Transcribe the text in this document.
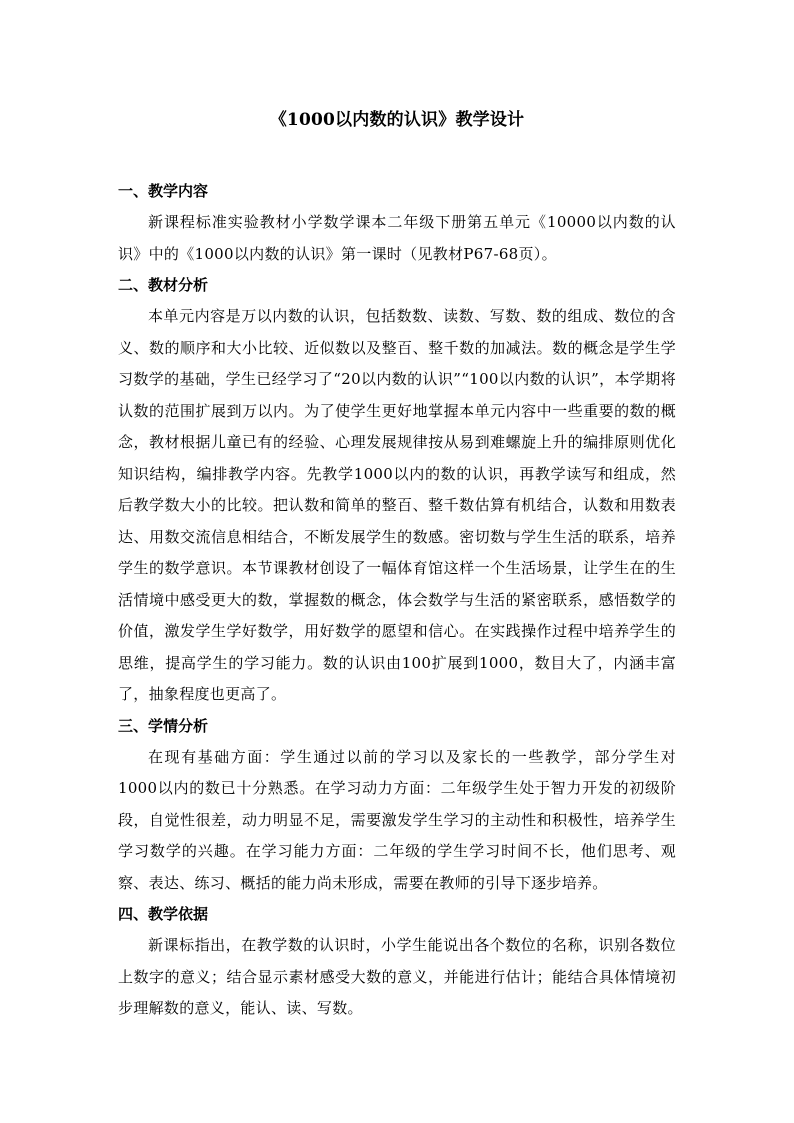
《1000以内数的认识》教学设计
一、教学内容

新课程标准实验教材小学数学课本二年级下册第五单元《10000以内数的认识》中的《1000以内数的认识》第一课时（见教材P67-68页）。

二、教材分析

本单元内容是万以内数的认识，包括数数、读数、写数、数的组成、数位的含义、数的顺序和大小比较、近似数以及整百、整千数的加减法。数的概念是学生学习数学的基础，学生已经学习了“20以内数的认识”“100以内数的认识”，本学期将认数的范围扩展到万以内。为了使学生更好地掌握本单元内容中一些重要的数的概念，教材根据儿童已有的经验、心理发展规律按从易到难螺旋上升的编排原则优化知识结构，编排教学内容。先教学1000以内的数的认识，再教学读写和组成，然后教学数大小的比较。把认数和简单的整百、整千数估算有机结合，认数和用数表达、用数交流信息相结合，不断发展学生的数感。密切数与学生生活的联系，培养学生的数学意识。本节课教材创设了一幅体育馆这样一个生活场景，让学生在的生活情境中感受更大的数，掌握数的概念，体会数学与生活的紧密联系，感悟数学的价值，激发学生学好数学，用好数学的愿望和信心。在实践操作过程中培养学生的思维，提高学生的学习能力。数的认识由100扩展到1000，数目大了，内涵丰富了，抽象程度也更高了。

三、学情分析

在现有基础方面：学生通过以前的学习以及家长的一些教学，部分学生对1000以内的数已十分熟悉。在学习动力方面：二年级学生处于智力开发的初级阶段，自觉性很差，动力明显不足，需要激发学生学习的主动性和积极性，培养学生学习数学的兴趣。在学习能力方面：二年级的学生学习时间不长，他们思考、观察、表达、练习、概括的能力尚未形成，需要在教师的引导下逐步培养。

四、教学依据

新课标指出，在教学数的认识时，小学生能说出各个数位的名称，识别各数位上数字的意义；结合显示素材感受大数的意义，并能进行估计；能结合具体情境初步理解数的意义，能认、读、写数。
